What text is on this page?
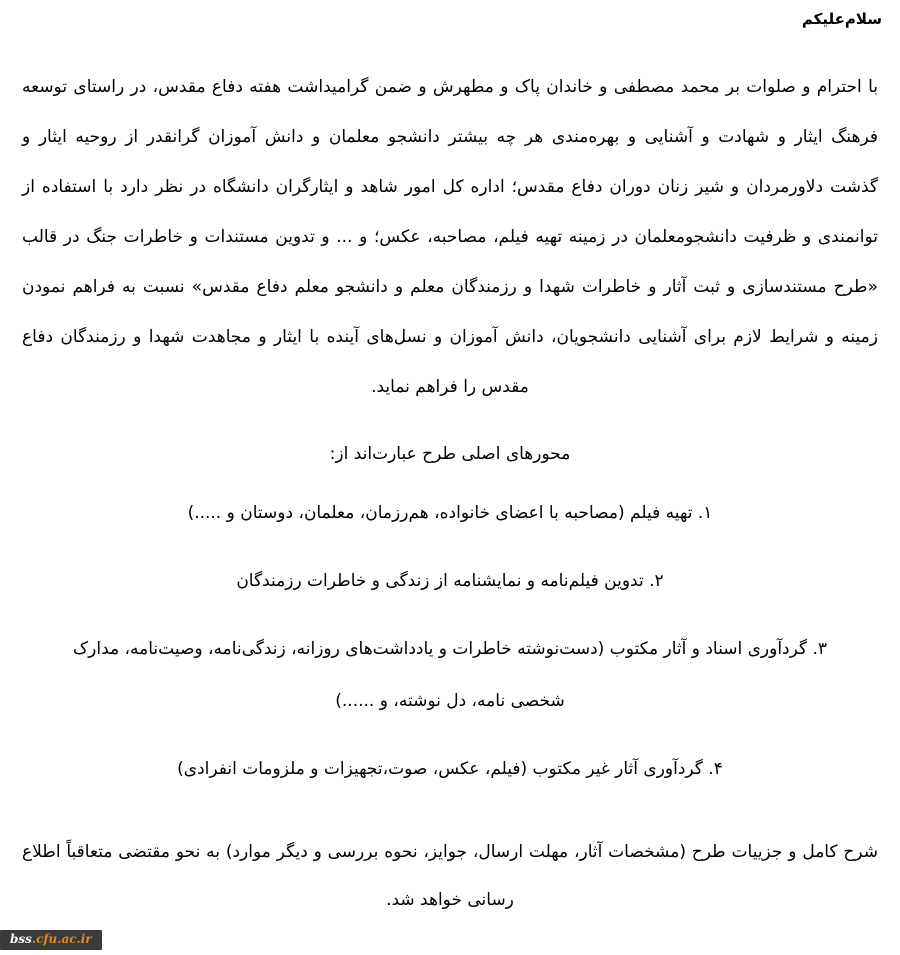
سلام‌علیکم
با احترام و صلوات بر محمد مصطفی و خاندان پاک و مطهرش و ضمن گرامیداشت هفته دفاع مقدس، در راستای توسعه
فرهنگ ایثار و شهادت و آشنایی و بهره‌مندی هر چه بیشتر دانشجو معلمان و دانش آموزان گرانقدر از روحیه ایثار و
گذشت دلاورمردان و شیر زنان دوران دفاع مقدس؛ اداره کل امور شاهد و ایثارگران دانشگاه در نظر دارد با استفاده از
توانمندی و ظرفیت دانشجومعلمان در زمینه تهیه فیلم، مصاحبه، عکس؛ و ... و تدوین مستندات و خاطرات جنگ در قالب
«طرح مستندسازی و ثبت آثار و خاطرات شهدا و رزمندگان معلم و دانشجو معلم دفاع مقدس» نسبت به فراهم نمودن
زمینه و شرایط لازم برای آشنایی دانشجویان، دانش آموزان و نسل‌های آینده با ایثار و مجاهدت شهدا و رزمندگان دفاع
مقدس را فراهم نماید.
محورهای اصلی طرح عبارت‌اند از:
۱. تهیه فیلم (مصاحبه با اعضای خانواده، هم‌رزمان، معلمان، دوستان و .....)
۲. تدوین فیلم‌نامه و نمایشنامه از زندگی و خاطرات رزمندگان
۳. گردآوری اسناد و آثار مکتوب (دست‌نوشته خاطرات و یادداشت‌های روزانه، زندگی‌نامه، وصیت‌نامه، مدارک
شخصی نامه، دل نوشته، و ......)
۴. گردآوری آثار غیر مکتوب (فیلم، عکس، صوت،تجهیزات و ملزومات انفرادی)
شرح کامل و جزییات طرح (مشخصات آثار، مهلت ارسال، جوایز، نحوه بررسی و دیگر موارد) به نحو مقتضی متعاقباً اطلاع
رسانی خواهد شد.
bss.cfu.ac.ir
